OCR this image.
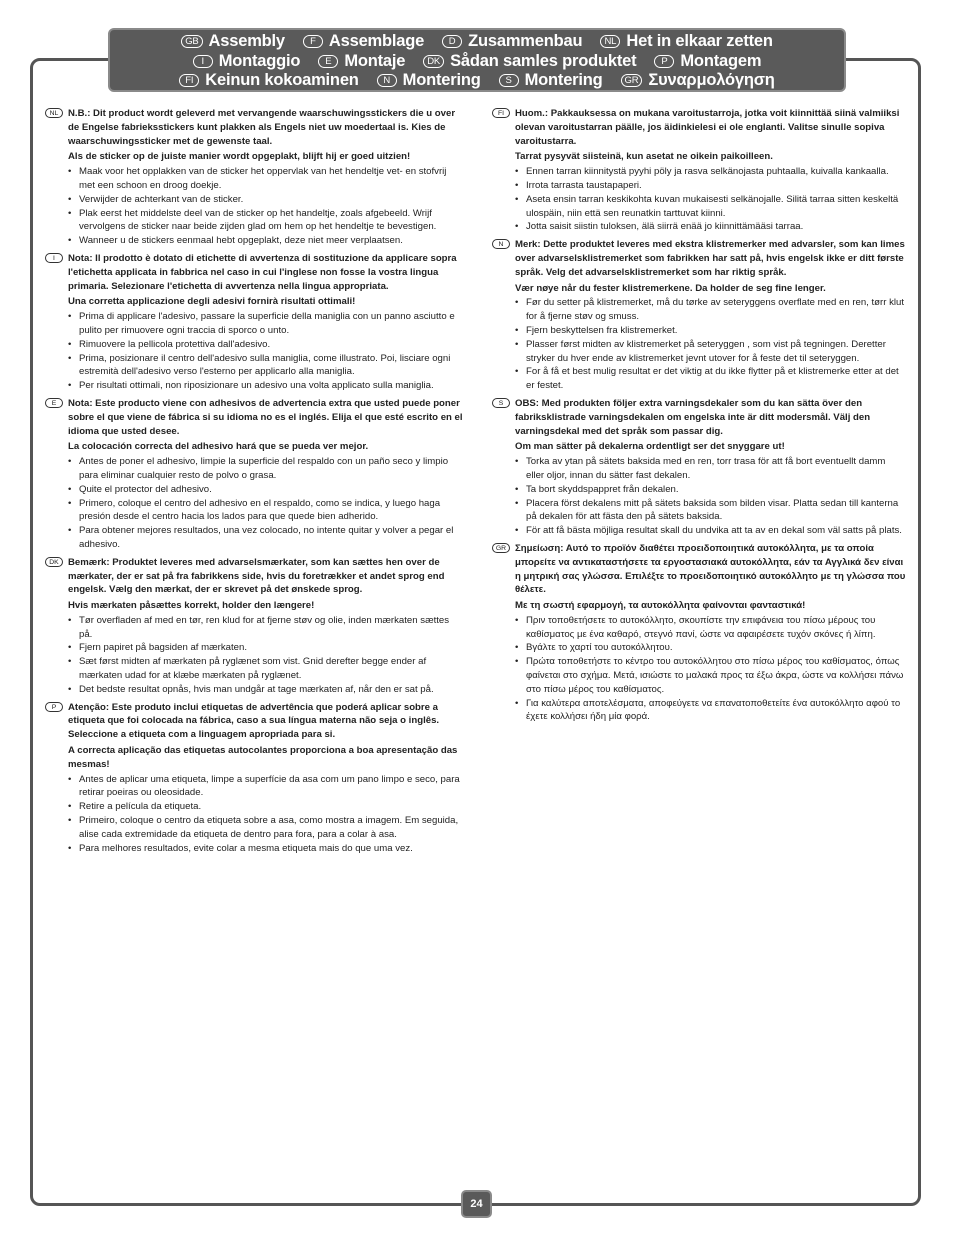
GB Assembly	F Assemblage	D Zusammenbau	NL Het in elkaar zetten
I Montaggio	E Montaje	DK Sådan samles produktet	P Montagem
FI Keinun kokoaminen	N Montering	S Montering	GR Συναρμολόγηση
NL	N.B.: Dit product wordt geleverd met vervangende waarschuwingsstickers die u over de Engelse fabrieksstickers kunt plakken als Engels niet uw moedertaal is. Kies de waarschuwingssticker met de gewenste taal.
Als de sticker op de juiste manier wordt opgeplakt, blijft hij er goed uitzien!
• Maak voor het opplakken van de sticker het oppervlak van het hendeltje vet- en stofvrij met een schoon en droog doekje.
• Verwijder de achterkant van de sticker.
• Plak eerst het middelste deel van de sticker op het handeltje, zoals afgebeeld. Wrijf vervolgens de sticker naar beide zijden glad om hem op het hendeltje te bevestigen.
• Wanneer u de stickers eenmaal hebt opgeplakt, deze niet meer verplaatsen.
I	Nota: Il prodotto è dotato di etichette di avvertenza di sostituzione da applicare sopra l'etichetta applicata in fabbrica nel caso in cui l'inglese non fosse la vostra lingua primaria. Selezionare l'etichetta di avvertenza nella lingua appropriata.
Una corretta applicazione degli adesivi fornirà risultati ottimali!
• Prima di applicare l'adesivo, passare la superficie della maniglia con un panno asciutto e pulito per rimuovere ogni traccia di sporco o unto.
• Rimuovere la pellicola protettiva dall'adesivo.
• Prima, posizionare il centro dell'adesivo sulla maniglia, come illustrato. Poi, lisciare ogni estremità dell'adesivo verso l'esterno per applicarlo alla maniglia.
• Per risultati ottimali, non riposizionare un adesivo una volta applicato sulla maniglia.
E	Nota: Este producto viene con adhesivos de advertencia extra que usted puede poner sobre el que viene de fábrica si su idioma no es el inglés. Elija el que esté escrito en el idioma que usted desee.
La colocación correcta del adhesivo hará que se pueda ver mejor.
• Antes de poner el adhesivo, limpie la superficie del respaldo con un paño seco y limpio para eliminar cualquier resto de polvo o grasa.
• Quite el protector del adhesivo.
• Primero, coloque el centro del adhesivo en el respaldo, como se indica, y luego haga presión desde el centro hacia los lados para que quede bien adherido.
• Para obtener mejores resultados, una vez colocado, no intente quitar y volver a pegar el adhesivo.
DK Bemærk: Produktet leveres med advarselsmærkater, som kan sættes hen over de mærkater, der er sat på fra fabrikkens side, hvis du foretrækker et andet sprog end engelsk. Vælg den mærkat, der er skrevet på det ønskede sprog.
Hvis mærkaten påsættes korrekt, holder den længere!
• Tør overfladen af med en tør, ren klud for at fjerne støv og olie, inden mærkaten sættes på.
• Fjern papiret på bagsiden af mærkaten.
• Sæt først midten af mærkaten på ryglænet som vist. Gnid derefter begge ender af mærkaten udad for at klæbe mærkaten på ryglænet.
• Det bedste resultat opnås, hvis man undgår at tage mærkaten af, når den er sat på.
P	Atenção: Este produto inclui etiquetas de advertência que poderá aplicar sobre a etiqueta que foi colocada na fábrica, caso a sua língua materna não seja o inglês. Seleccione a etiqueta com a linguagem apropriada para si.
A correcta aplicação das etiquetas autocolantes proporciona a boa apresentação das mesmas!
• Antes de aplicar uma etiqueta, limpe a superfície da asa com um pano limpo e seco, para retirar poeiras ou oleosidade.
• Retire a película da etiqueta.
• Primeiro, coloque o centro da etiqueta sobre a asa, como mostra a imagem. Em seguida, alise cada extremidade da etiqueta de dentro para fora, para a colar à asa.
• Para melhores resultados, evite colar a mesma etiqueta mais do que uma vez.
FI	Huom.: Pakkauksessa on mukana varoitustarroja, jotka voit kiinnittää siinä valmiiksi olevan varoitustarran päälle, jos äidinkielesi ei ole englanti. Valitse sinulle sopiva varoitustarra.
Tarrat pysyvät siisteinä, kun asetat ne oikein paikoilleen.
• Ennen tarran kiinnitystä pyyhi pöly ja rasva selkänojasta puhtaalla, kuivalla kankaalla.
• Irrota tarrasta taustapaperi.
• Aseta ensin tarran keskikohta kuvan mukaisesti selkänojalle. Silitä tarraa sitten keskeltä ulospäin, niin että sen reunatkin tarttuvat kiinni.
• Jotta saisit siistin tuloksen, älä siirrä enää jo kiinnittämääsi tarraa.
N	Merk: Dette produktet leveres med ekstra klistremerker med advarsler, som kan limes over advarselsklistremerket som fabrikken har satt på, hvis engelsk ikke er ditt første språk. Velg det advarselsklistremerket som har riktig språk.
Vær nøye når du fester klistremerkene. Da holder de seg fine lenger.
• Før du setter på klistremerket, må du tørke av seteryggens overflate med en ren, tørr klut for å fjerne støv og smuss.
• Fjern beskyttelsen fra klistremerket.
• Plasser først midten av klistremerket på seteryggen , som vist på tegningen. Deretter stryker du hver ende av klistremerket jevnt utover for å feste det til seteryggen.
• For å få et best mulig resultat er det viktig at du ikke flytter på et klistremerke etter at det er festet.
S	OBS: Med produkten följer extra varningsdekaler som du kan sätta över den fabriksklistrade varningsdekalen om engelska inte är ditt modersmål. Välj den varningsdekal med det språk som passar dig.
Om man sätter på dekalerna ordentligt ser det snyggare ut!
• Torka av ytan på sätets baksida med en ren, torr trasa för att få bort eventuellt damm eller oljor, innan du sätter fast dekalen.
• Ta bort skyddspappret från dekalen.
• Placera först dekalens mitt på sätets baksida som bilden visar. Platta sedan till kanterna på dekalen för att fästa den på sätets baksida.
• För att få bästa möjliga resultat skall du undvika att ta av en dekal som väl satts på plats.
GR Σημείωση: Αυτό το προϊόν διαθέτει προειδοποιητικά αυτοκόλλητα, με τα οποία μπορείτε να αντικαταστήσετε τα εργοστασιακά αυτοκόλλητα, εάν τα Αγγλικά δεν είναι η μητρική σας γλώσσα. Επιλέξτε το προειδοποιητικό αυτοκόλλητο με τη γλώσσα που θέλετε.
Με τη σωστή εφαρμογή, τα αυτοκόλλητα φαίνονται φανταστικά!
• Πριν τοποθετήσετε το αυτοκόλλητο, σκουπίστε την επιφάνεια του πίσω μέρους του καθίσματος με ένα καθαρό, στεγνό πανί, ώστε να αφαιρέσετε τυχόν σκόνες ή λίπη.
• Βγάλτε το χαρτί του αυτοκόλλητου.
• Πρώτα τοποθετήστε το κέντρο του αυτοκόλλητου στο πίσω μέρος του καθίσματος, όπως φαίνεται στο σχήμα. Μετά, ισιώστε το μαλακά προς τα έξω άκρα, ώστε να κολλήσει πάνω στο πίσω μέρος του καθίσματος.
• Για καλύτερα αποτελέσματα, αποφεύγετε να επανατοποθετείτε ένα αυτοκόλλητο αφού το έχετε κολλήσει ήδη μία φορά.
24
